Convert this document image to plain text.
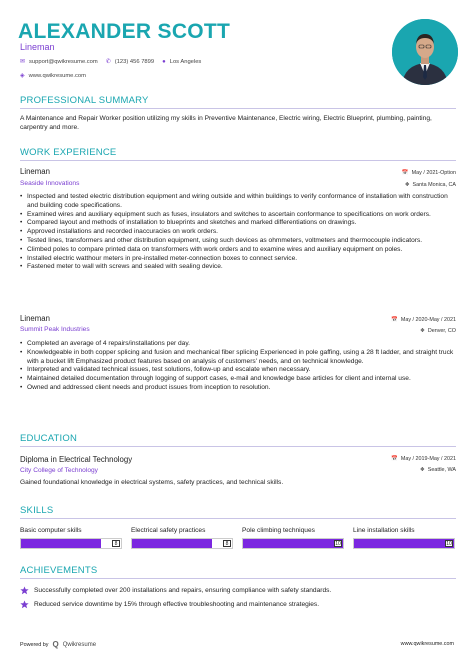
ALEXANDER SCOTT
Lineman
✉ support@qwikresume.com ✆ (123) 456 7899 ● Los Angeles
◈ www.qwikresume.com
PROFESSIONAL SUMMARY
A Maintenance and Repair Worker position utilizing my skills in Preventive Maintenance, Electric wiring, Electric Blueprint, plumbing, painting, carpentry and more.
WORK EXPERIENCE
Lineman	📅 May / 2021-Option
Seaside Innovations	❖ Santa Monica, CA
• Inspected and tested electric distribution equipment and wiring outside and within buildings to verify conformance of installation with construction and building code specifications.
• Examined wires and auxiliary equipment such as fuses, insulators and switches to ascertain conformance to specifications on work orders.
• Compared layout and methods of installation to blueprints and sketches and marked differentiations on drawings.
• Approved installations and recorded inaccuracies on work orders.
• Tested lines, transformers and other distribution equipment, using such devices as ohmmeters, voltmeters and thermocouple indicators.
• Climbed poles to compare printed data on transformers with work orders and to examine wires and auxiliary equipment on poles.
• Installed electric watthour meters in pre-installed meter-connection boxes to connect service.
• Fastened meter to wall with screws and sealed with sealing device.
Lineman	📅 May / 2020-May / 2021
Summit Peak Industries	❖ Denver, CO
• Completed an average of 4 repairs/installations per day.
• Knowledgeable in both copper splicing and fusion and mechanical fiber splicing Experienced in pole gaffing, using a 28 ft ladder, and straight truck with a bucket lift Emphasized product features based on analysis of customers' needs, and on technical knowledge.
• Interpreted and validated technical issues, test solutions, follow-up and escalate when necessary.
• Maintained detailed documentation through logging of support cases, e-mail and knowledge base articles for client and internal use.
• Owned and addressed client needs and product issues from inception to resolution.
EDUCATION
Diploma in Electrical Technology	📅 May / 2019-May / 2021
City College of Technology	❖ Seattle, WA
Gained foundational knowledge in electrical systems, safety practices, and technical skills.
SKILLS
Basic computer skills
8
Electrical safety practices
8
Pole climbing techniques
10
Line installation skills
10
ACHIEVEMENTS
Successfully completed over 200 installations and repairs, ensuring compliance with safety standards.
Reduced service downtime by 15% through effective troubleshooting and maintenance strategies.
Powered by Q Qwikresume	www.qwikresume.com
